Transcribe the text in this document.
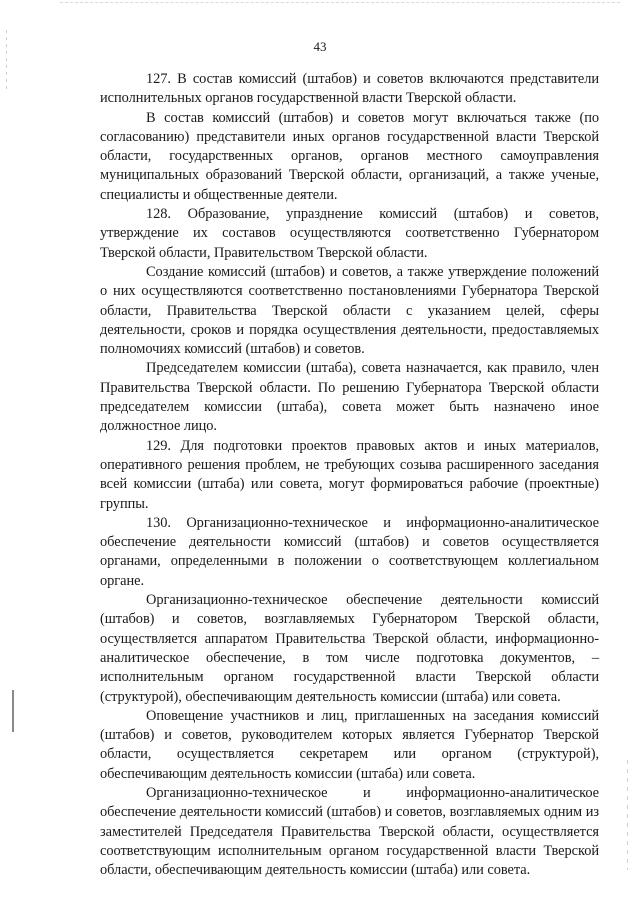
43

127. В состав комиссий (штабов) и советов включаются представители исполнительных органов государственной власти Тверской области.

В состав комиссий (штабов) и советов могут включаться также (по согласованию) представители иных органов государственной власти Тверской области, государственных органов, органов местного самоуправления муниципальных образований Тверской области, организаций, а также ученые, специалисты и общественные деятели.

128. Образование, упразднение комиссий (штабов) и советов, утверждение их составов осуществляются соответственно Губернатором Тверской области, Правительством Тверской области.

Создание комиссий (штабов) и советов, а также утверждение положений о них осуществляются соответственно постановлениями Губернатора Тверской области, Правительства Тверской области с указанием целей, сферы деятельности, сроков и порядка осуществления деятельности, предоставляемых полномочиях комиссий (штабов) и советов.

Председателем комиссии (штаба), совета назначается, как правило, член Правительства Тверской области. По решению Губернатора Тверской области председателем комиссии (штаба), совета может быть назначено иное должностное лицо.

129. Для подготовки проектов правовых актов и иных материалов, оперативного решения проблем, не требующих созыва расширенного заседания всей комиссии (штаба) или совета, могут формироваться рабочие (проектные) группы.

130. Организационно-техническое и информационно-аналитическое обеспечение деятельности комиссий (штабов) и советов осуществляется органами, определенными в положении о соответствующем коллегиальном органе.

Организационно-техническое обеспечение деятельности комиссий (штабов) и советов, возглавляемых Губернатором Тверской области, осуществляется аппаратом Правительства Тверской области, информационно-аналитическое обеспечение, в том числе подготовка документов, – исполнительным органом государственной власти Тверской области (структурой), обеспечивающим деятельность комиссии (штаба) или совета.

Оповещение участников и лиц, приглашенных на заседания комиссий (штабов) и советов, руководителем которых является Губернатор Тверской области, осуществляется секретарем или органом (структурой), обеспечивающим деятельность комиссии (штаба) или совета.

Организационно-техническое и информационно-аналитическое обеспечение деятельности комиссий (штабов) и советов, возглавляемых одним из заместителей Председателя Правительства Тверской области, осуществляется соответствующим исполнительным органом государственной власти Тверской области, обеспечивающим деятельность комиссии (штаба) или совета.
